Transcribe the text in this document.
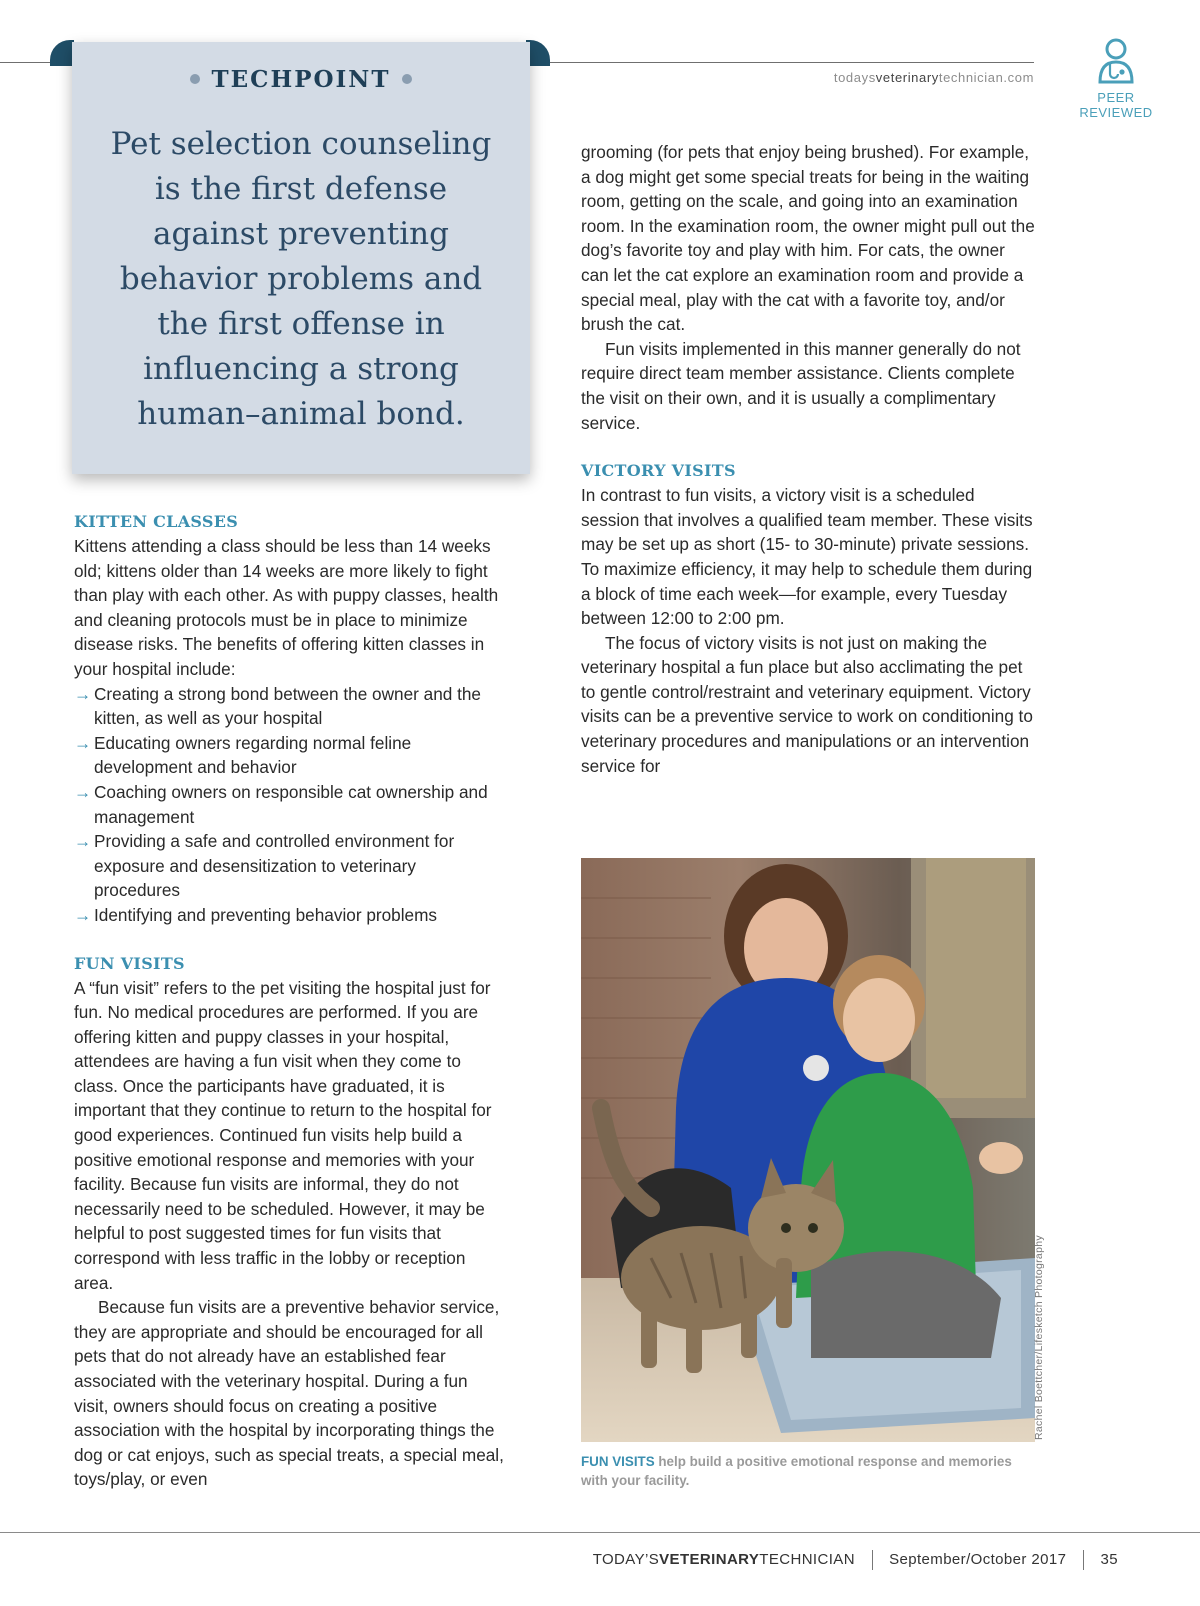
todaysveterinarytechnician.com
PEER
REVIEWED
TECHPOINT
Pet selection counseling is the first defense against preventing behavior problems and the first offense in influencing a strong human–animal bond.
KITTEN CLASSES

Kittens attending a class should be less than 14 weeks old; kittens older than 14 weeks are more likely to fight than play with each other. As with puppy classes, health and cleaning protocols must be in place to minimize disease risks. The benefits of offering kitten classes in your hospital include:

→ Creating a strong bond between the owner and the kitten, as well as your hospital
→ Educating owners regarding normal feline development and behavior
→ Coaching owners on responsible cat ownership and management
→ Providing a safe and controlled environment for exposure and desensitization to veterinary procedures
→ Identifying and preventing behavior problems
FUN VISITS

A “fun visit” refers to the pet visiting the hospital just for fun. No medical procedures are performed. If you are offering kitten and puppy classes in your hospital, attendees are having a fun visit when they come to class. Once the participants have graduated, it is important that they continue to return to the hospital for good experiences. Continued fun visits help build a positive emotional response and memories with your facility. Because fun visits are informal, they do not necessarily need to be scheduled. However, it may be helpful to post suggested times for fun visits that correspond with less traffic in the lobby or reception area.

Because fun visits are a preventive behavior service, they are appropriate and should be encouraged for all pets that do not already have an established fear associated with the veterinary hospital. During a fun visit, owners should focus on creating a positive association with the hospital by incorporating things the dog or cat enjoys, such as special treats, a special meal, toys/play, or even

grooming (for pets that enjoy being brushed). For example, a dog might get some special treats for being in the waiting room, getting on the scale, and going into an examination room. In the examination room, the owner might pull out the dog’s favorite toy and play with him. For cats, the owner can let the cat explore an examination room and provide a special meal, play with the cat with a favorite toy, and/or brush the cat.

Fun visits implemented in this manner generally do not require direct team member assistance. Clients complete the visit on their own, and it is usually a complimentary service.

VICTORY VISITS

In contrast to fun visits, a victory visit is a scheduled session that involves a qualified team member. These visits may be set up as short (15- to 30-minute) private sessions. To maximize efficiency, it may help to schedule them during a block of time each week—for example, every Tuesday between 12:00 to 2:00 pm.

The focus of victory visits is not just on making the veterinary hospital a fun place but also acclimating the pet to gentle control/restraint and veterinary equipment. Victory visits can be a preventive service to work on conditioning to veterinary procedures and manipulations or an intervention service for

Rachel Boettcher/Lifesketch Photography
FUN VISITS help build a positive emotional response and memories with your facility.
TODAY’SVETERINARYTECHNICIAN September/October 2017 35
